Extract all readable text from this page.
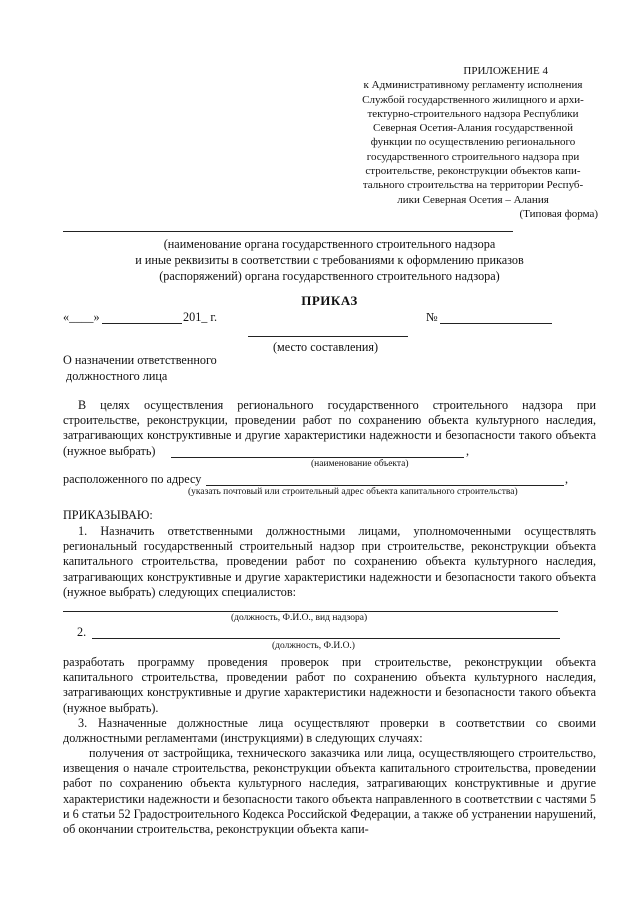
ПРИЛОЖЕНИЕ 4
к Административному регламенту исполнения
Службой государственного жилищного и архи-
тектурно-строительного надзора Республики
Северная Осетия-Алания государственной
функции по осуществлению регионального
государственного строительного надзора при
строительстве, реконструкции объектов капи-
тального строительства на территории Респуб-
лики Северная Осетия – Алания
(Типовая форма)
(наименование органа государственного строительного надзора
и иные реквизиты в соответствии с требованиями к оформлению приказов
(распоряжений) органа государственного строительного надзора)
ПРИКАЗ
«____»	201_ г.	№
(место составления)
О назначении ответственного
должностного лица
В целях осуществления регионального государственного строительного надзора при строительстве, реконструкции, проведении работ по сохранению объекта культурного наследия, затрагивающих конструктивные и другие характеристики надежности и безопасности такого объекта (нужное выбрать)	,
(наименование объекта)
расположенного по адресу	,
(указать почтовый или строительный адрес объекта капитального строительства)
ПРИКАЗЫВАЮ:
1. Назначить ответственными должностными лицами, уполномоченными осуществлять региональный государственный строительный надзор при строительстве, реконструкции объекта капитального строительства, проведении работ по сохранению объекта культурного наследия, затрагивающих конструктивные и другие характеристики надежности и безопасности такого объекта (нужное выбрать) следующих специалистов:
(должность, Ф.И.О., вид надзора)
2.
(должность, Ф.И.О.)
разработать программу проведения проверок при строительстве, реконструкции объекта капитального строительства, проведении работ по сохранению объекта культурного наследия, затрагивающих конструктивные и другие характеристики надежности и безопасности такого объекта (нужное выбрать).
3. Назначенные должностные лица осуществляют проверки в соответствии со своими должностными регламентами (инструкциями) в следующих случаях:
получения от застройщика, технического заказчика или лица, осуществляющего строительство, извещения о начале строительства, реконструкции объекта капитального строительства, проведении работ по сохранению объекта культурного наследия, затрагивающих конструктивные и другие характеристики надежности и безопасности такого объекта направленного в соответствии с частями 5 и 6 статьи 52 Градостроительного Кодекса Российской Федерации, а также об устранении нарушений, об окончании строительства, реконструкции объекта капи-
